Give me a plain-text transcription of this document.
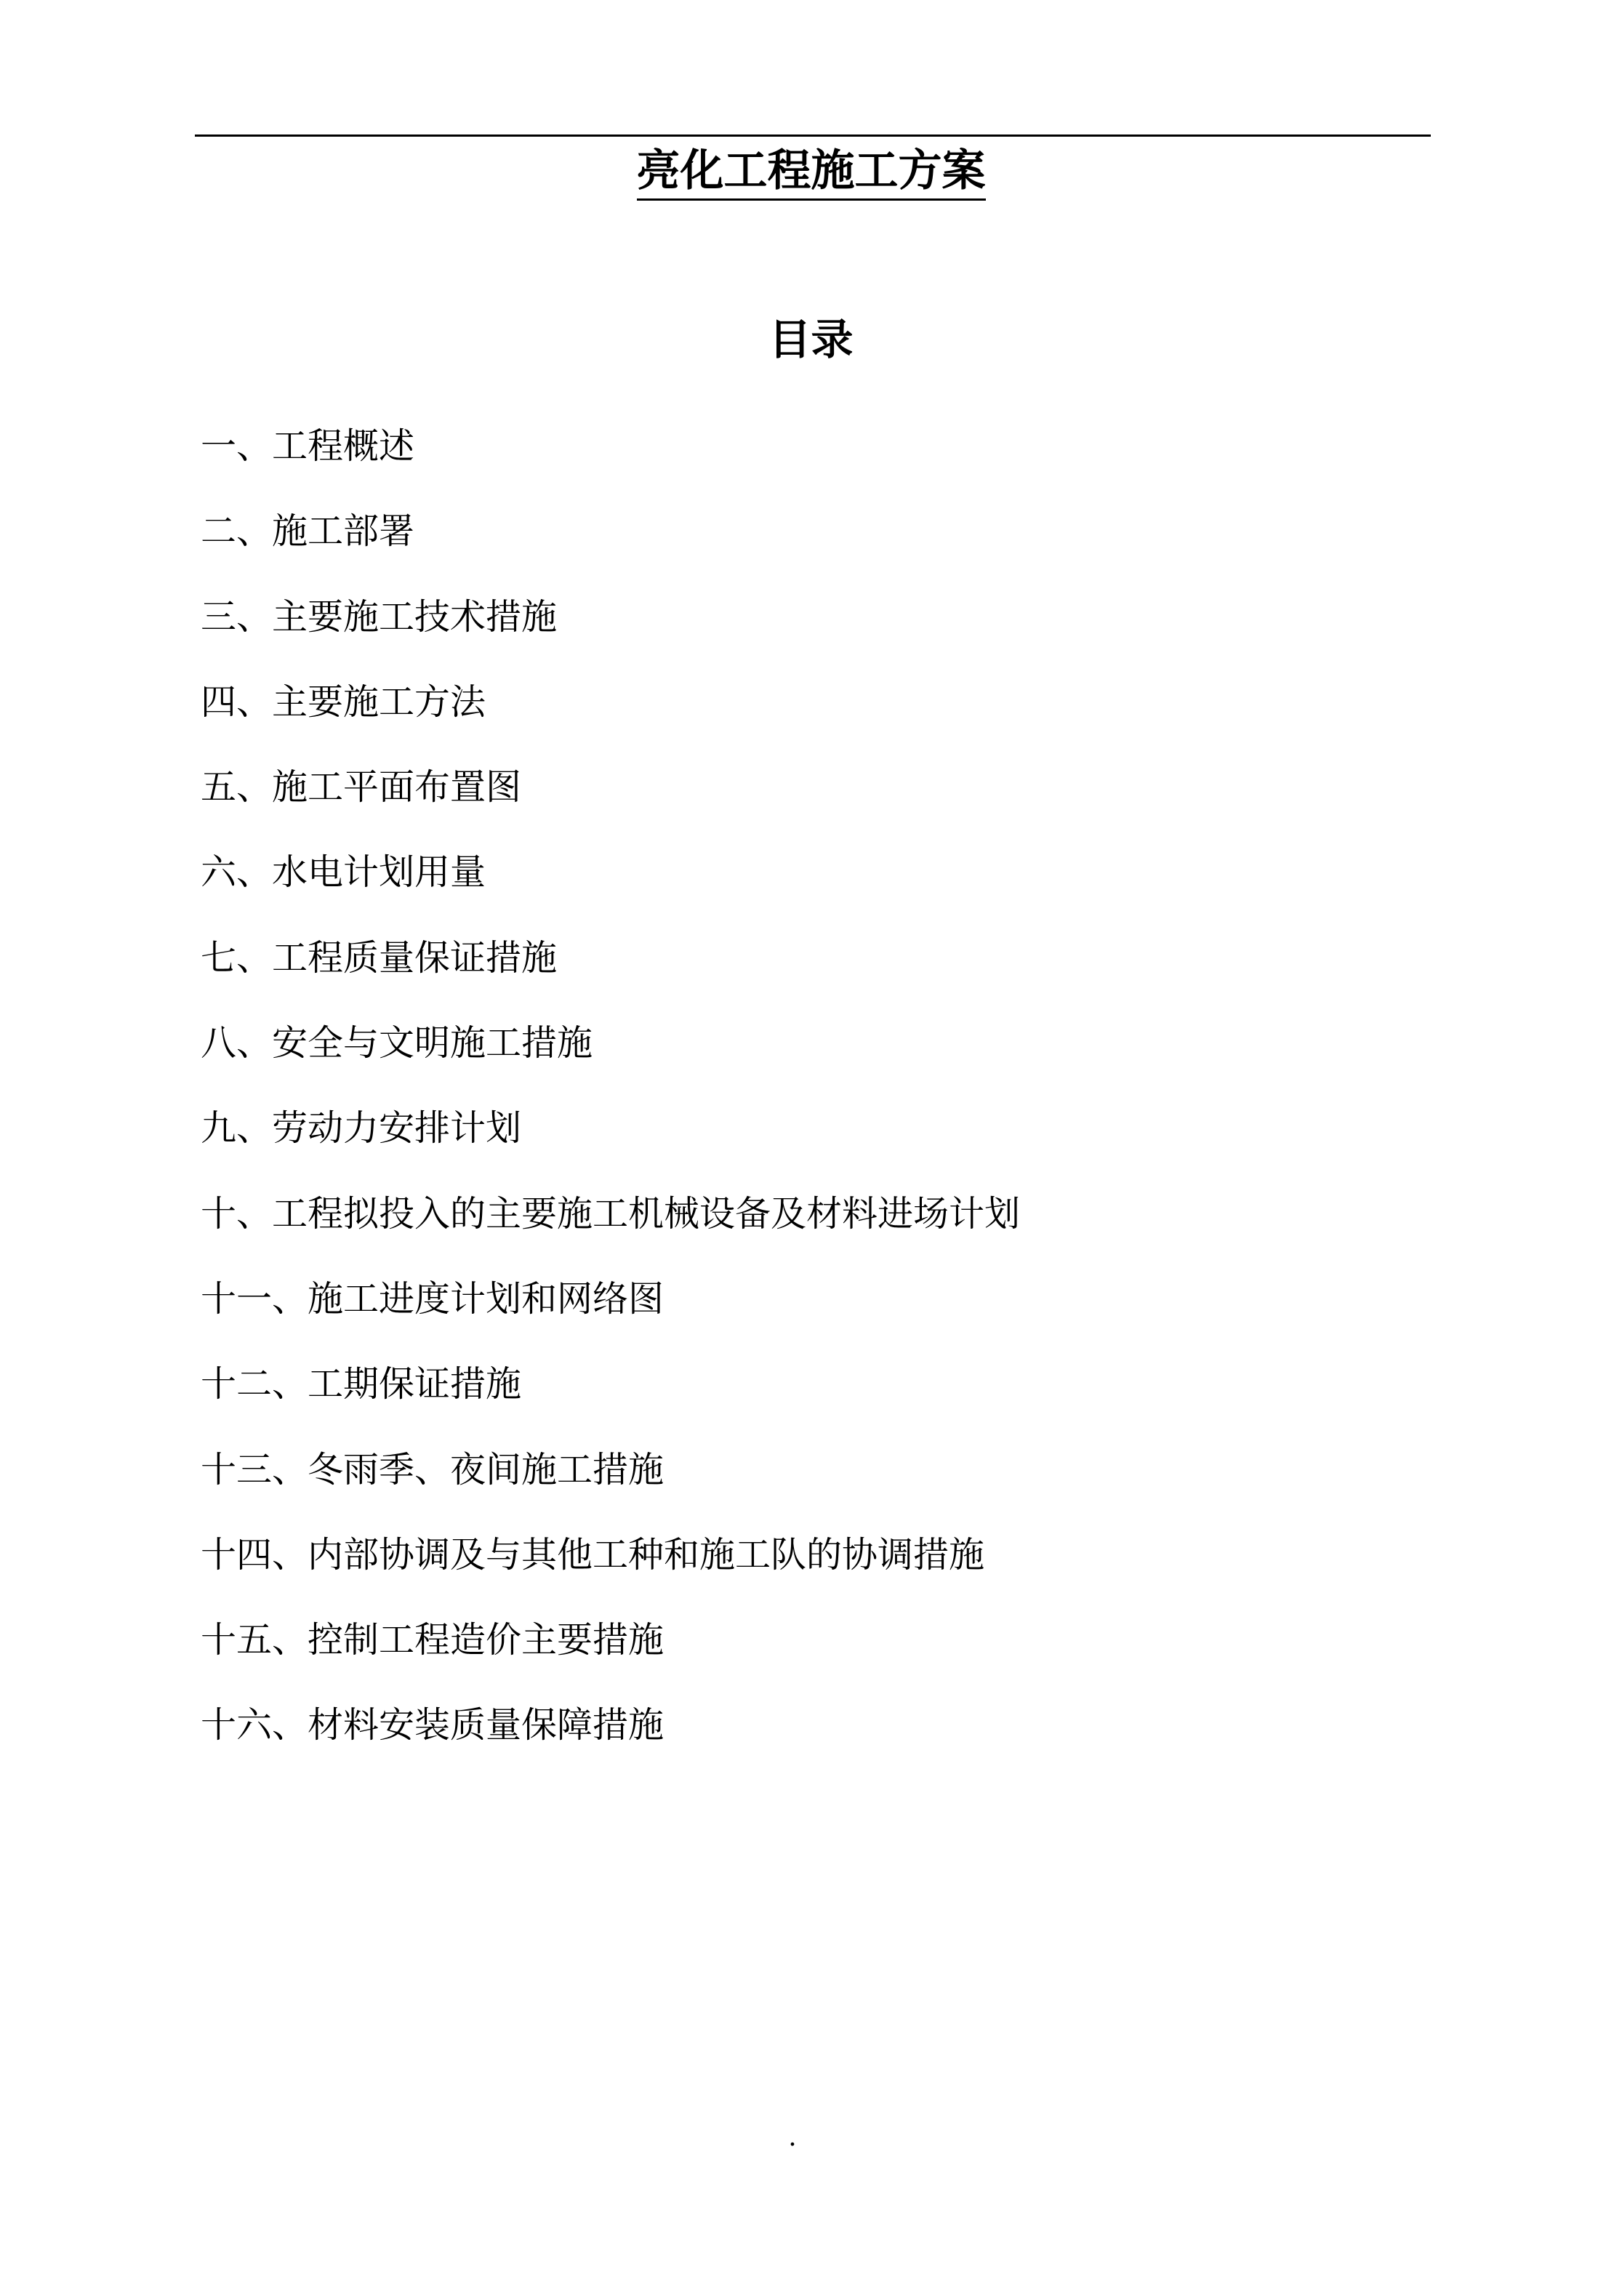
亮化工程施工方案
目录
一、工程概述
二、施工部署
三、主要施工技术措施
四、主要施工方法
五、施工平面布置图
六、水电计划用量
七、工程质量保证措施
八、安全与文明施工措施
九、劳动力安排计划
十、工程拟投入的主要施工机械设备及材料进场计划
十一、施工进度计划和网络图
十二、工期保证措施
十三、冬雨季、夜间施工措施
十四、内部协调及与其他工种和施工队的协调措施
十五、控制工程造价主要措施
十六、材料安装质量保障措施
.
